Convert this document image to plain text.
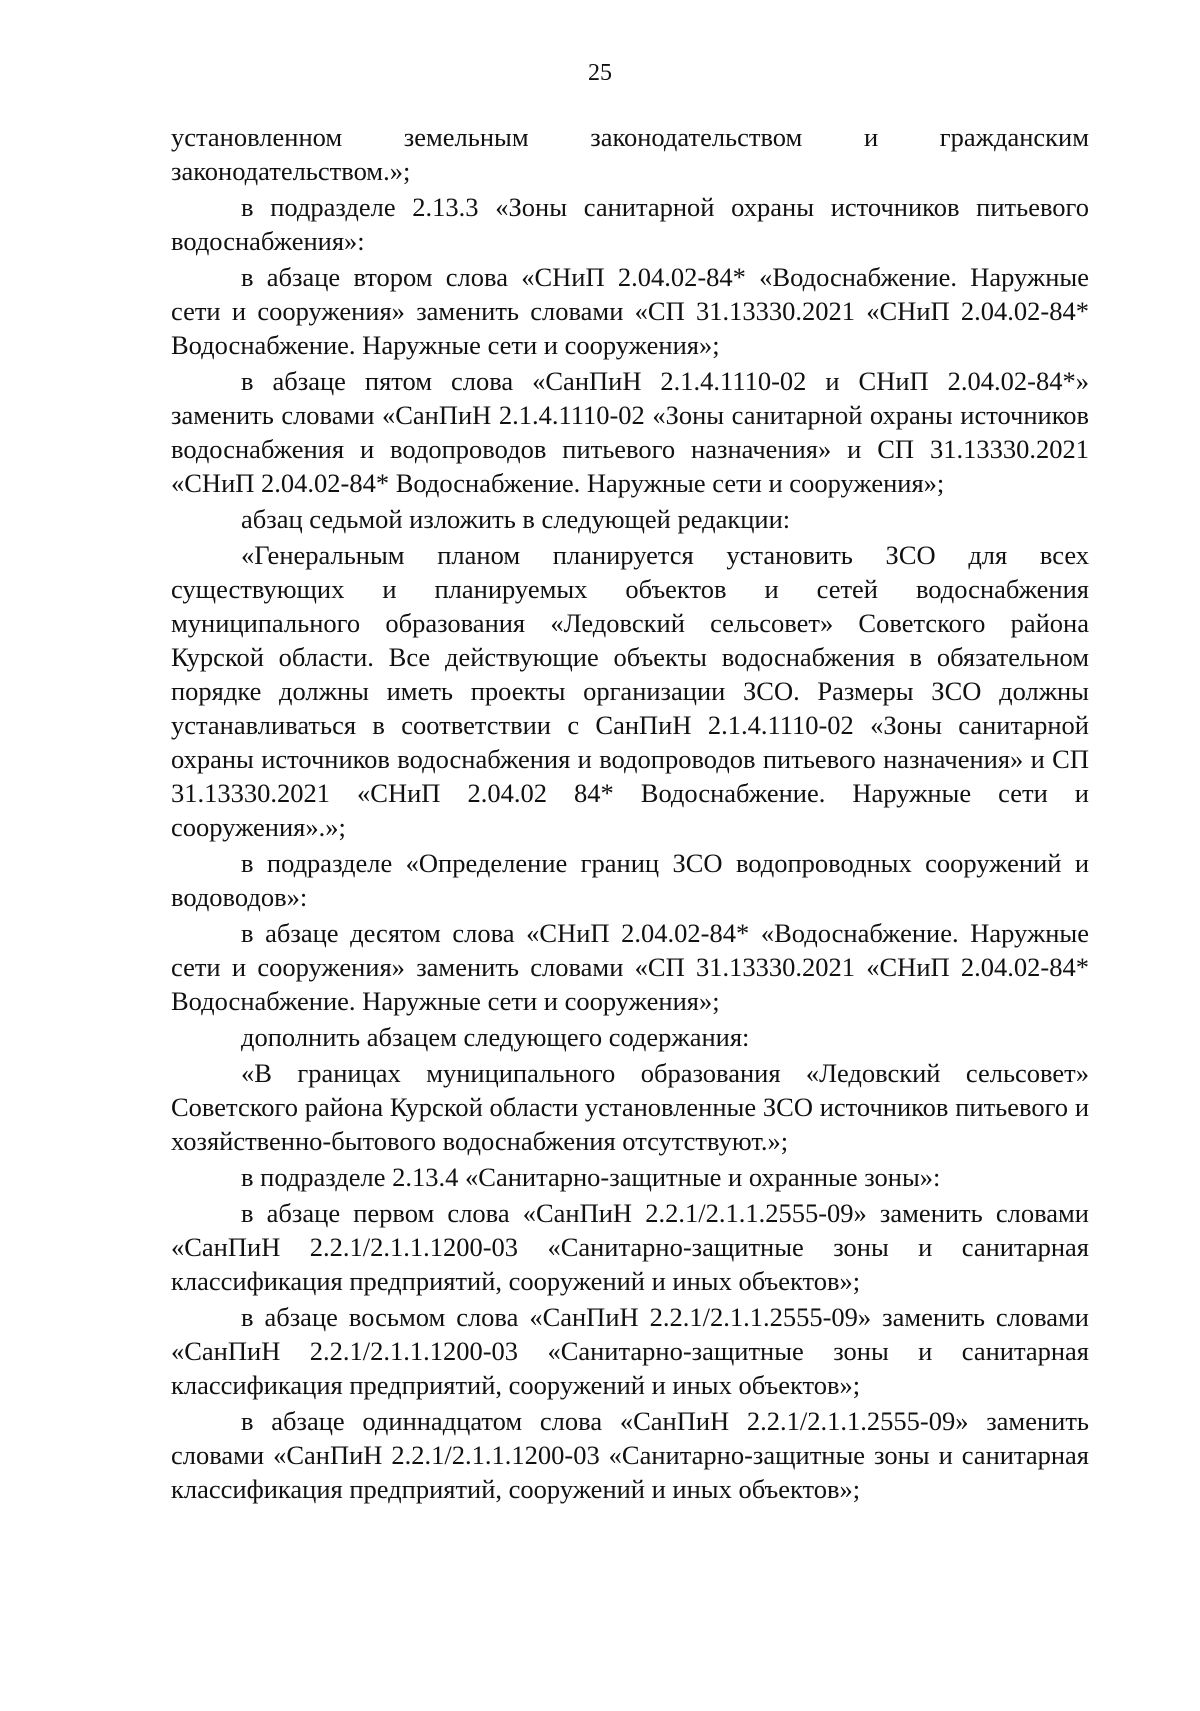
25

установленном земельным законодательством и гражданским законодательством.»;

в подразделе 2.13.3 «Зоны санитарной охраны источников питьевого водоснабжения»:

в абзаце втором слова «СНиП 2.04.02-84* «Водоснабжение. Наружные сети и сооружения» заменить словами «СП 31.13330.2021 «СНиП 2.04.02-84* Водоснабжение. Наружные сети и сооружения»;

в абзаце пятом слова «СанПиН 2.1.4.1110-02 и СНиП 2.04.02-84*» заменить словами «СанПиН 2.1.4.1110-02 «Зоны санитарной охраны источников водоснабжения и водопроводов питьевого назначения» и СП 31.13330.2021 «СНиП 2.04.02-84* Водоснабжение. Наружные сети и сооружения»;

абзац седьмой изложить в следующей редакции:

«Генеральным планом планируется установить ЗСО для всех существующих и планируемых объектов и сетей водоснабжения муниципального образования «Ледовский сельсовет» Советского района Курской области. Все действующие объекты водоснабжения в обязательном порядке должны иметь проекты организации ЗСО. Размеры ЗСО должны устанавливаться в соответствии с СанПиН 2.1.4.1110-02 «Зоны санитарной охраны источников водоснабжения и водопроводов питьевого назначения» и СП 31.13330.2021 «СНиП 2.04.02 84* Водоснабжение. Наружные сети и сооружения».»;

в подразделе «Определение границ ЗСО водопроводных сооружений и водоводов»:

в абзаце десятом слова «СНиП 2.04.02-84* «Водоснабжение. Наружные сети и сооружения» заменить словами «СП 31.13330.2021 «СНиП 2.04.02-84* Водоснабжение. Наружные сети и сооружения»;

дополнить абзацем следующего содержания:

«В границах муниципального образования «Ледовский сельсовет» Советского района Курской области установленные ЗСО источников питьевого и хозяйственно-бытового водоснабжения отсутствуют.»;

в подразделе 2.13.4 «Санитарно-защитные и охранные зоны»:

в абзаце первом слова «СанПиН 2.2.1/2.1.1.2555-09» заменить словами «СанПиН 2.2.1/2.1.1.1200-03 «Санитарно-защитные зоны и санитарная классификация предприятий, сооружений и иных объектов»;

в абзаце восьмом слова «СанПиН 2.2.1/2.1.1.2555-09» заменить словами «СанПиН 2.2.1/2.1.1.1200-03 «Санитарно-защитные зоны и санитарная классификация предприятий, сооружений и иных объектов»;

в абзаце одиннадцатом слова «СанПиН 2.2.1/2.1.1.2555-09» заменить словами «СанПиН 2.2.1/2.1.1.1200-03 «Санитарно-защитные зоны и санитарная классификация предприятий, сооружений и иных объектов»;
